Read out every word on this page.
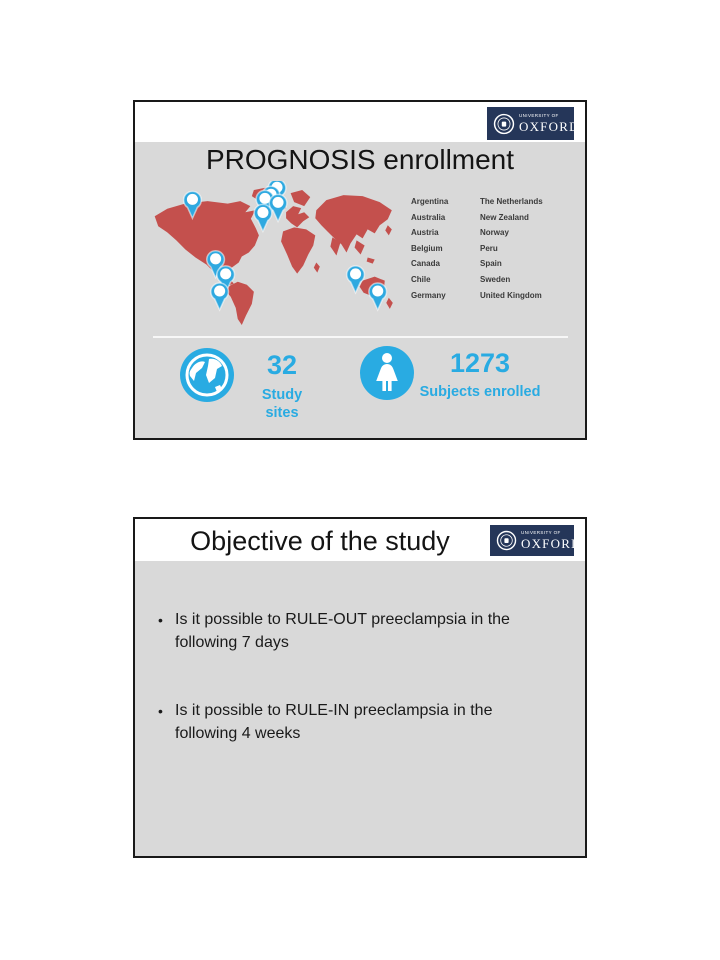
UNIVERSITY OF
OXFORD
PROGNOSIS enrollment
Argentina
Australia
Austria
Belgium
Canada
Chile
Germany
The Netherlands
New Zealand
Norway
Peru
Spain
Sweden
United Kingdom

32

Study sites

1273

Subjects enrolled

Objective of the study	UNIVERSITY OF
OXFORD
• Is it possible to RULE-OUT preeclampsia in the following 7 days
• Is it possible to RULE-IN preeclampsia in the following 4 weeks
